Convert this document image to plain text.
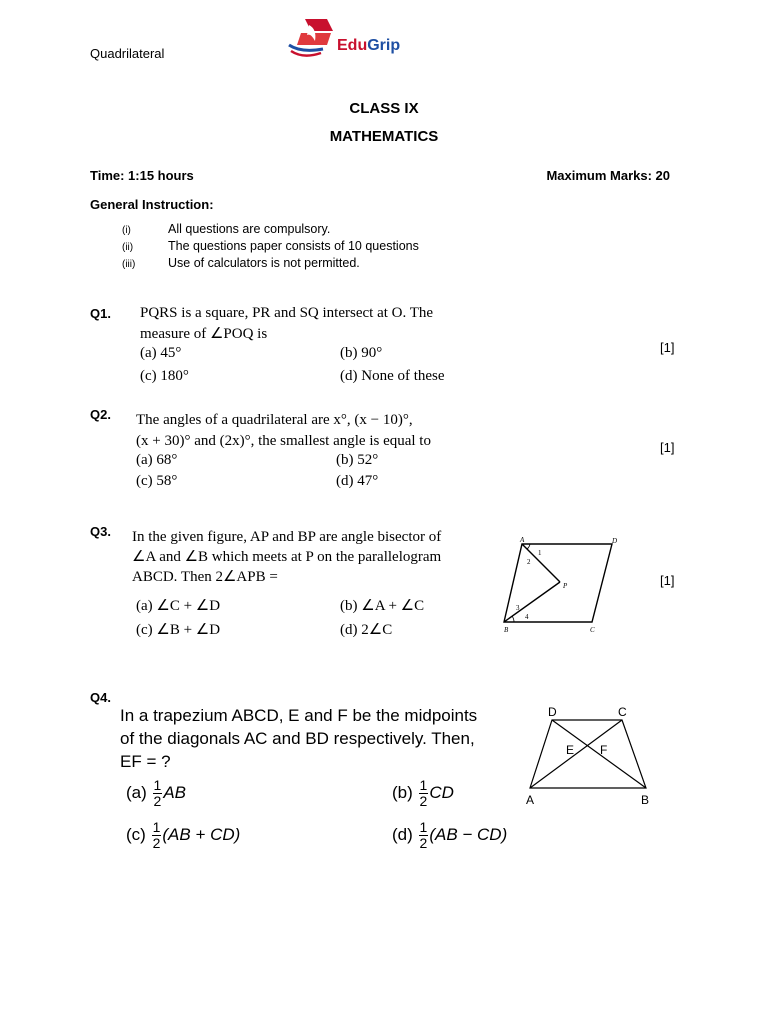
Quadrilateral	EduGrip
CLASS IX
MATHEMATICS
Time: 1:15 hours	Maximum Marks: 20
General Instruction:
(i)	All questions are compulsory.
(ii)	The questions paper consists of 10 questions
(iii)	Use of calculators is not permitted.
Q1. PQRS is a square, PR and SQ intersect at O. The
measure of ∠POQ is
(a) 45°	(b) 90°
(c) 180°	(d) None of these
[1]
Q2. The angles of a quadrilateral are x°, (x − 10)°,
(x + 30)° and (2x)°, the smallest angle is equal to
(a) 68°	(b) 52°
(c) 58°	(d) 47°
[1]
Q3. In the given figure, AP and BP are angle bisector of
∠A and ∠B which meets at P on the parallelogram
ABCD. Then 2∠APB =
(a) ∠C + ∠D	(b) ∠A + ∠C
(c) ∠B + ∠D	(d) 2∠C
[1]
A	D
B	C
P
1
2
3
4
Q4.
In a trapezium ABCD, E and F be the midpoints
of the diagonals AC and BD respectively. Then,
EF = ?
$(a) \frac{1}{2}$ AB	$(b) \frac{1}{2}$ CD
$(c) \frac{1}{2} (AB + CD)$	$(d) \frac{1}{2} (AB - CD)$
D	C
A	B
E F
